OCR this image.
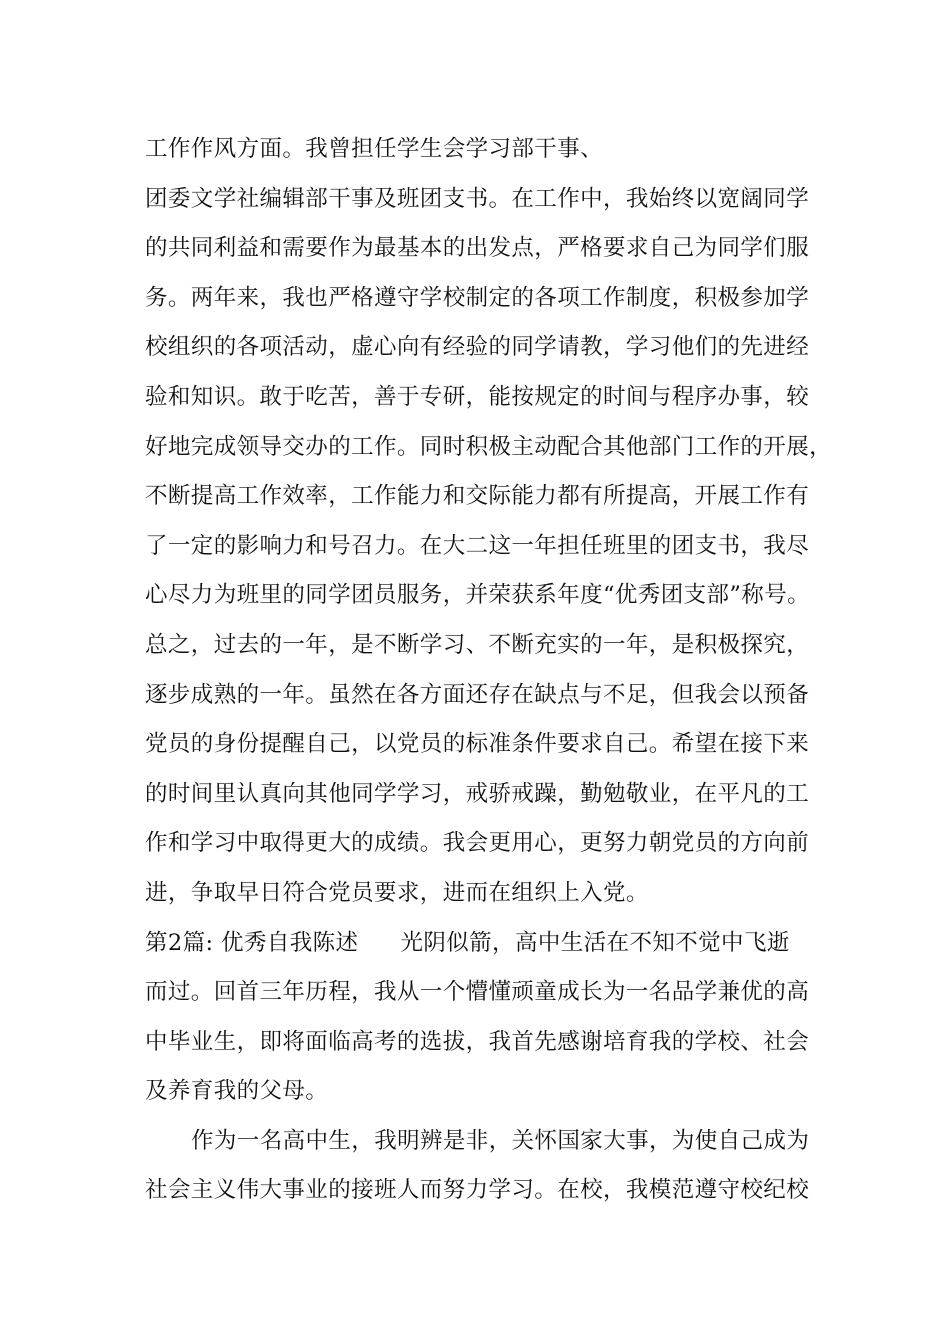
工作作风方面。我曾担任学生会学习部干事、
团委文学社编辑部干事及班团支书。在工作中，我始终以宽阔同学
的共同利益和需要作为最基本的出发点，严格要求自己为同学们服
务。两年来，我也严格遵守学校制定的各项工作制度，积极参加学
校组织的各项活动，虚心向有经验的同学请教，学习他们的先进经
验和知识。敢于吃苦，善于专研，能按规定的时间与程序办事，较
好地完成领导交办的工作。同时积极主动配合其他部门工作的开展，
不断提高工作效率，工作能力和交际能力都有所提高，开展工作有
了一定的影响力和号召力。在大二这一年担任班里的团支书，我尽
心尽力为班里的同学团员服务，并荣获系年度“优秀团支部”称号。
总之，过去的一年，是不断学习、不断充实的一年，是积极探究，
逐步成熟的一年。虽然在各方面还存在缺点与不足，但我会以预备
党员的身份提醒自己，以党员的标准条件要求自己。希望在接下来
的时间里认真向其他同学学习，戒骄戒躁，勤勉敬业，在平凡的工
作和学习中取得更大的成绩。我会更用心，更努力朝党员的方向前
进，争取早日符合党员要求，进而在组织上入党。
第2篇: 优秀自我陈述 光阴似箭，高中生活在不知不觉中飞逝
而过。回首三年历程，我从一个懵懂顽童成长为一名品学兼优的高
中毕业生，即将面临高考的选拔，我首先感谢培育我的学校、社会
及养育我的父母。
作为一名高中生，我明辨是非，关怀国家大事，为使自己成为
社会主义伟大事业的接班人而努力学习。在校，我模范遵守校纪校
